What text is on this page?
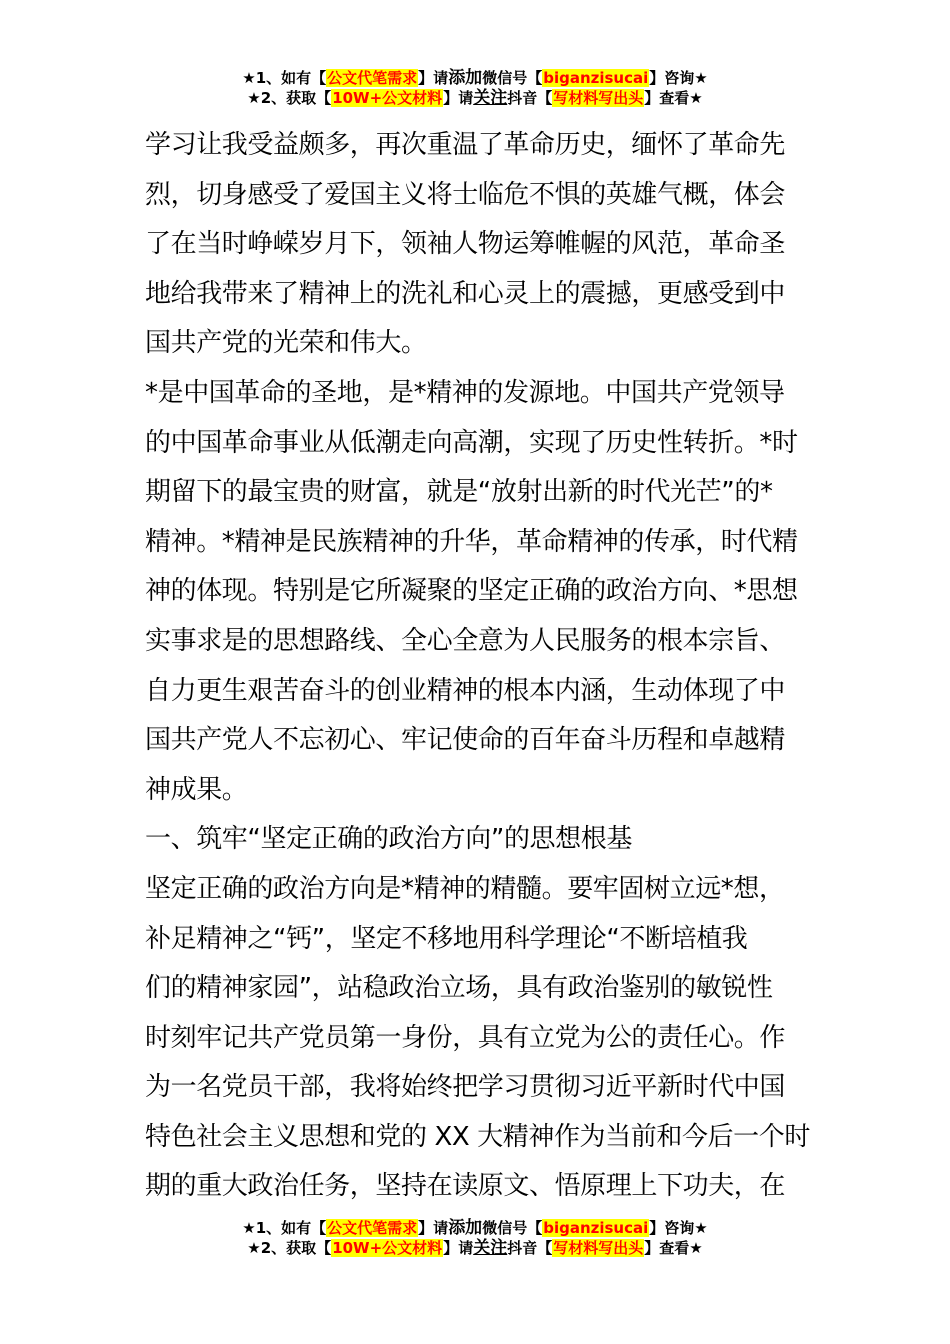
★1、如有【公文代笔需求】请添加微信号【biganzisucai】咨询★
★2、获取【10W+公文材料】请关注抖音【写材料写出头】查看★
学习让我受益颇多，再次重温了革命历史，缅怀了革命先
烈，切身感受了爱国主义将士临危不惧的英雄气概，体会
了在当时峥嵘岁月下，领袖人物运筹帷幄的风范，革命圣
地给我带来了精神上的洗礼和心灵上的震撼，更感受到中
国共产党的光荣和伟大。
*是中国革命的圣地，是*精神的发源地。中国共产党领导
的中国革命事业从低潮走向高潮，实现了历史性转折。*时
期留下的最宝贵的财富，就是“放射出新的时代光芒”的*
精神。*精神是民族精神的升华，革命精神的传承，时代精
神的体现。特别是它所凝聚的坚定正确的政治方向、*思想
实事求是的思想路线、全心全意为人民服务的根本宗旨、
自力更生艰苦奋斗的创业精神的根本内涵，生动体现了中
国共产党人不忘初心、牢记使命的百年奋斗历程和卓越精
神成果。
一、筑牢“坚定正确的政治方向”的思想根基
坚定正确的政治方向是*精神的精髓。要牢固树立远*想，
补足精神之“钙”，坚定不移地用科学理论“不断培植我
们的精神家园”，站稳政治立场，具有政治鉴别的敏锐性
时刻牢记共产党员第一身份，具有立党为公的责任心。作
为一名党员干部，我将始终把学习贯彻习近平新时代中国
特色社会主义思想和党的 XX 大精神作为当前和今后一个时
期的重大政治任务，坚持在读原文、悟原理上下功夫，在
★1、如有【公文代笔需求】请添加微信号【biganzisucai】咨询★
★2、获取【10W+公文材料】请关注抖音【写材料写出头】查看★
